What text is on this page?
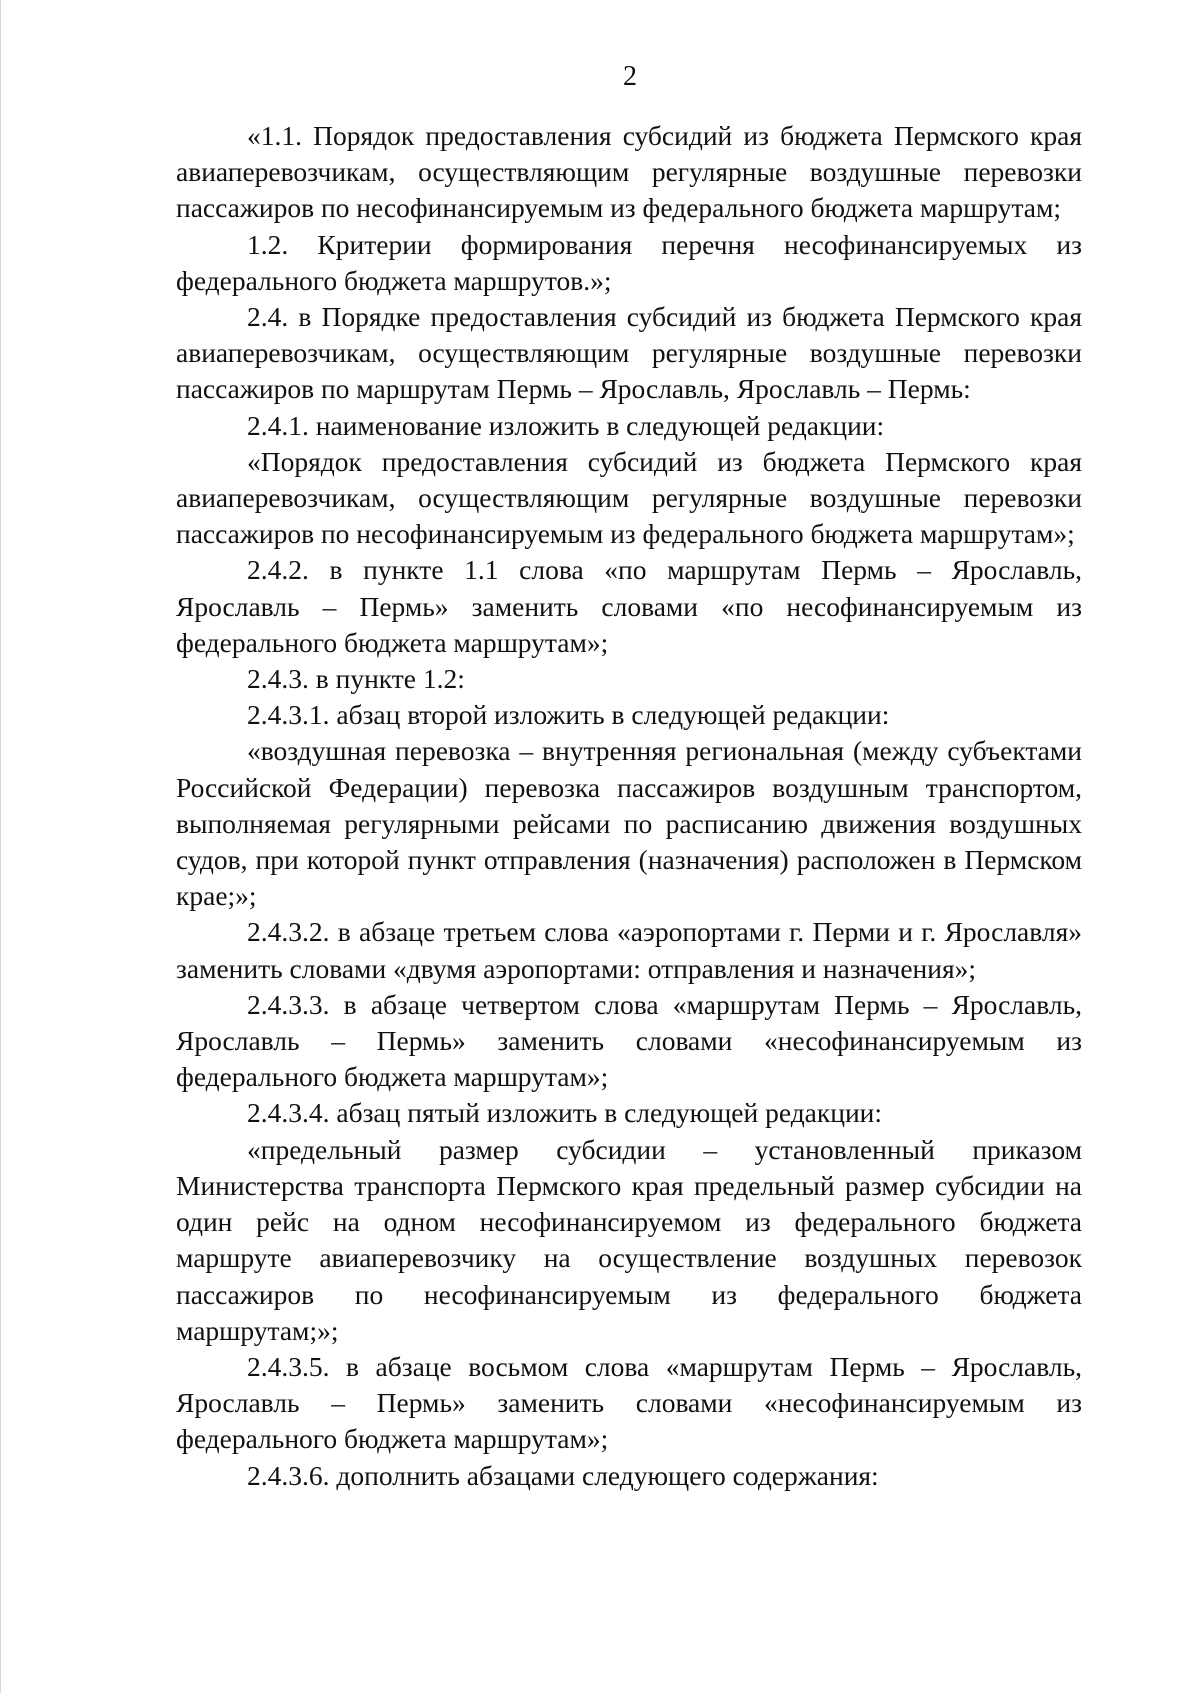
2

«1.1. Порядок предоставления субсидий из бюджета Пермского края авиаперевозчикам, осуществляющим регулярные воздушные перевозки пассажиров по несофинансируемым из федерального бюджета маршрутам;

1.2. Критерии формирования перечня несофинансируемых из федерального бюджета маршрутов.»;

2.4. в Порядке предоставления субсидий из бюджета Пермского края авиаперевозчикам, осуществляющим регулярные воздушные перевозки пассажиров по маршрутам Пермь – Ярославль, Ярославль – Пермь:

2.4.1. наименование изложить в следующей редакции:

«Порядок предоставления субсидий из бюджета Пермского края авиаперевозчикам, осуществляющим регулярные воздушные перевозки пассажиров по несофинансируемым из федерального бюджета маршрутам»;

2.4.2. в пункте 1.1 слова «по маршрутам Пермь – Ярославль, Ярославль – Пермь» заменить словами «по несофинансируемым из федерального бюджета маршрутам»;

2.4.3. в пункте 1.2:

2.4.3.1. абзац второй изложить в следующей редакции:

«воздушная перевозка – внутренняя региональная (между субъектами Российской Федерации) перевозка пассажиров воздушным транспортом, выполняемая регулярными рейсами по расписанию движения воздушных судов, при которой пункт отправления (назначения) расположен в Пермском крае;»;

2.4.3.2. в абзаце третьем слова «аэропортами г. Перми и г. Ярославля» заменить словами «двумя аэропортами: отправления и назначения»;

2.4.3.3. в абзаце четвертом слова «маршрутам Пермь – Ярославль, Ярославль – Пермь» заменить словами «несофинансируемым из федерального бюджета маршрутам»;

2.4.3.4. абзац пятый изложить в следующей редакции:

«предельный размер субсидии – установленный приказом Министерства транспорта Пермского края предельный размер субсидии на один рейс на одном несофинансируемом из федерального бюджета маршруте авиаперевозчику на осуществление воздушных перевозок пассажиров по несофинансируемым из федерального бюджета маршрутам;»;

2.4.3.5. в абзаце восьмом слова «маршрутам Пермь – Ярославль, Ярославль – Пермь» заменить словами «несофинансируемым из федерального бюджета маршрутам»;

2.4.3.6. дополнить абзацами следующего содержания:
